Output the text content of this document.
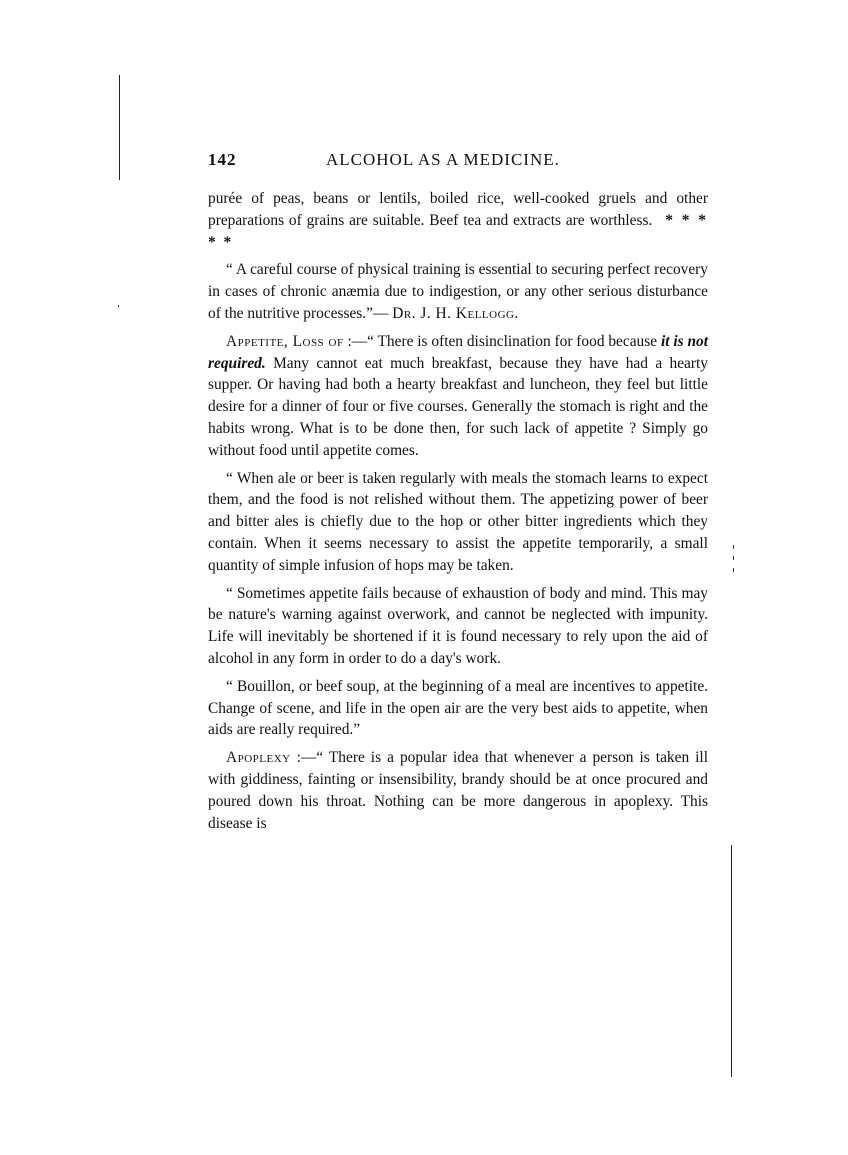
142	ALCOHOL AS A MEDICINE.

purée of peas, beans or lentils, boiled rice, well-cooked gruels and other preparations of grains are suitable. Beef tea and extracts are worthless. * * * * *

“ A careful course of physical training is essential to securing perfect recovery in cases of chronic anæmia due to indigestion, or any other serious disturbance of the nutritive processes.”— Dr. J. H. Kellogg.

Appetite, Loss of :—“ There is often disinclination for food because it is not required. Many cannot eat much breakfast, because they have had a hearty supper. Or having had both a hearty breakfast and luncheon, they feel but little desire for a dinner of four or five courses. Generally the stomach is right and the habits wrong. What is to be done then, for such lack of appetite ? Simply go without food until appetite comes.

“ When ale or beer is taken regularly with meals the stomach learns to expect them, and the food is not relished without them. The appetizing power of beer and bitter ales is chiefly due to the hop or other bitter ingredients which they contain. When it seems necessary to assist the appetite temporarily, a small quantity of simple infusion of hops may be taken.

“ Sometimes appetite fails because of exhaustion of body and mind. This may be nature's warning against overwork, and cannot be neglected with impunity. Life will inevitably be shortened if it is found necessary to rely upon the aid of alcohol in any form in order to do a day's work.

“ Bouillon, or beef soup, at the beginning of a meal are incentives to appetite. Change of scene, and life in the open air are the very best aids to appetite, when aids are really required.”

Apoplexy :—“ There is a popular idea that whenever a person is taken ill with giddiness, fainting or insensibility, brandy should be at once procured and poured down his throat. Nothing can be more dangerous in apoplexy. This disease is
